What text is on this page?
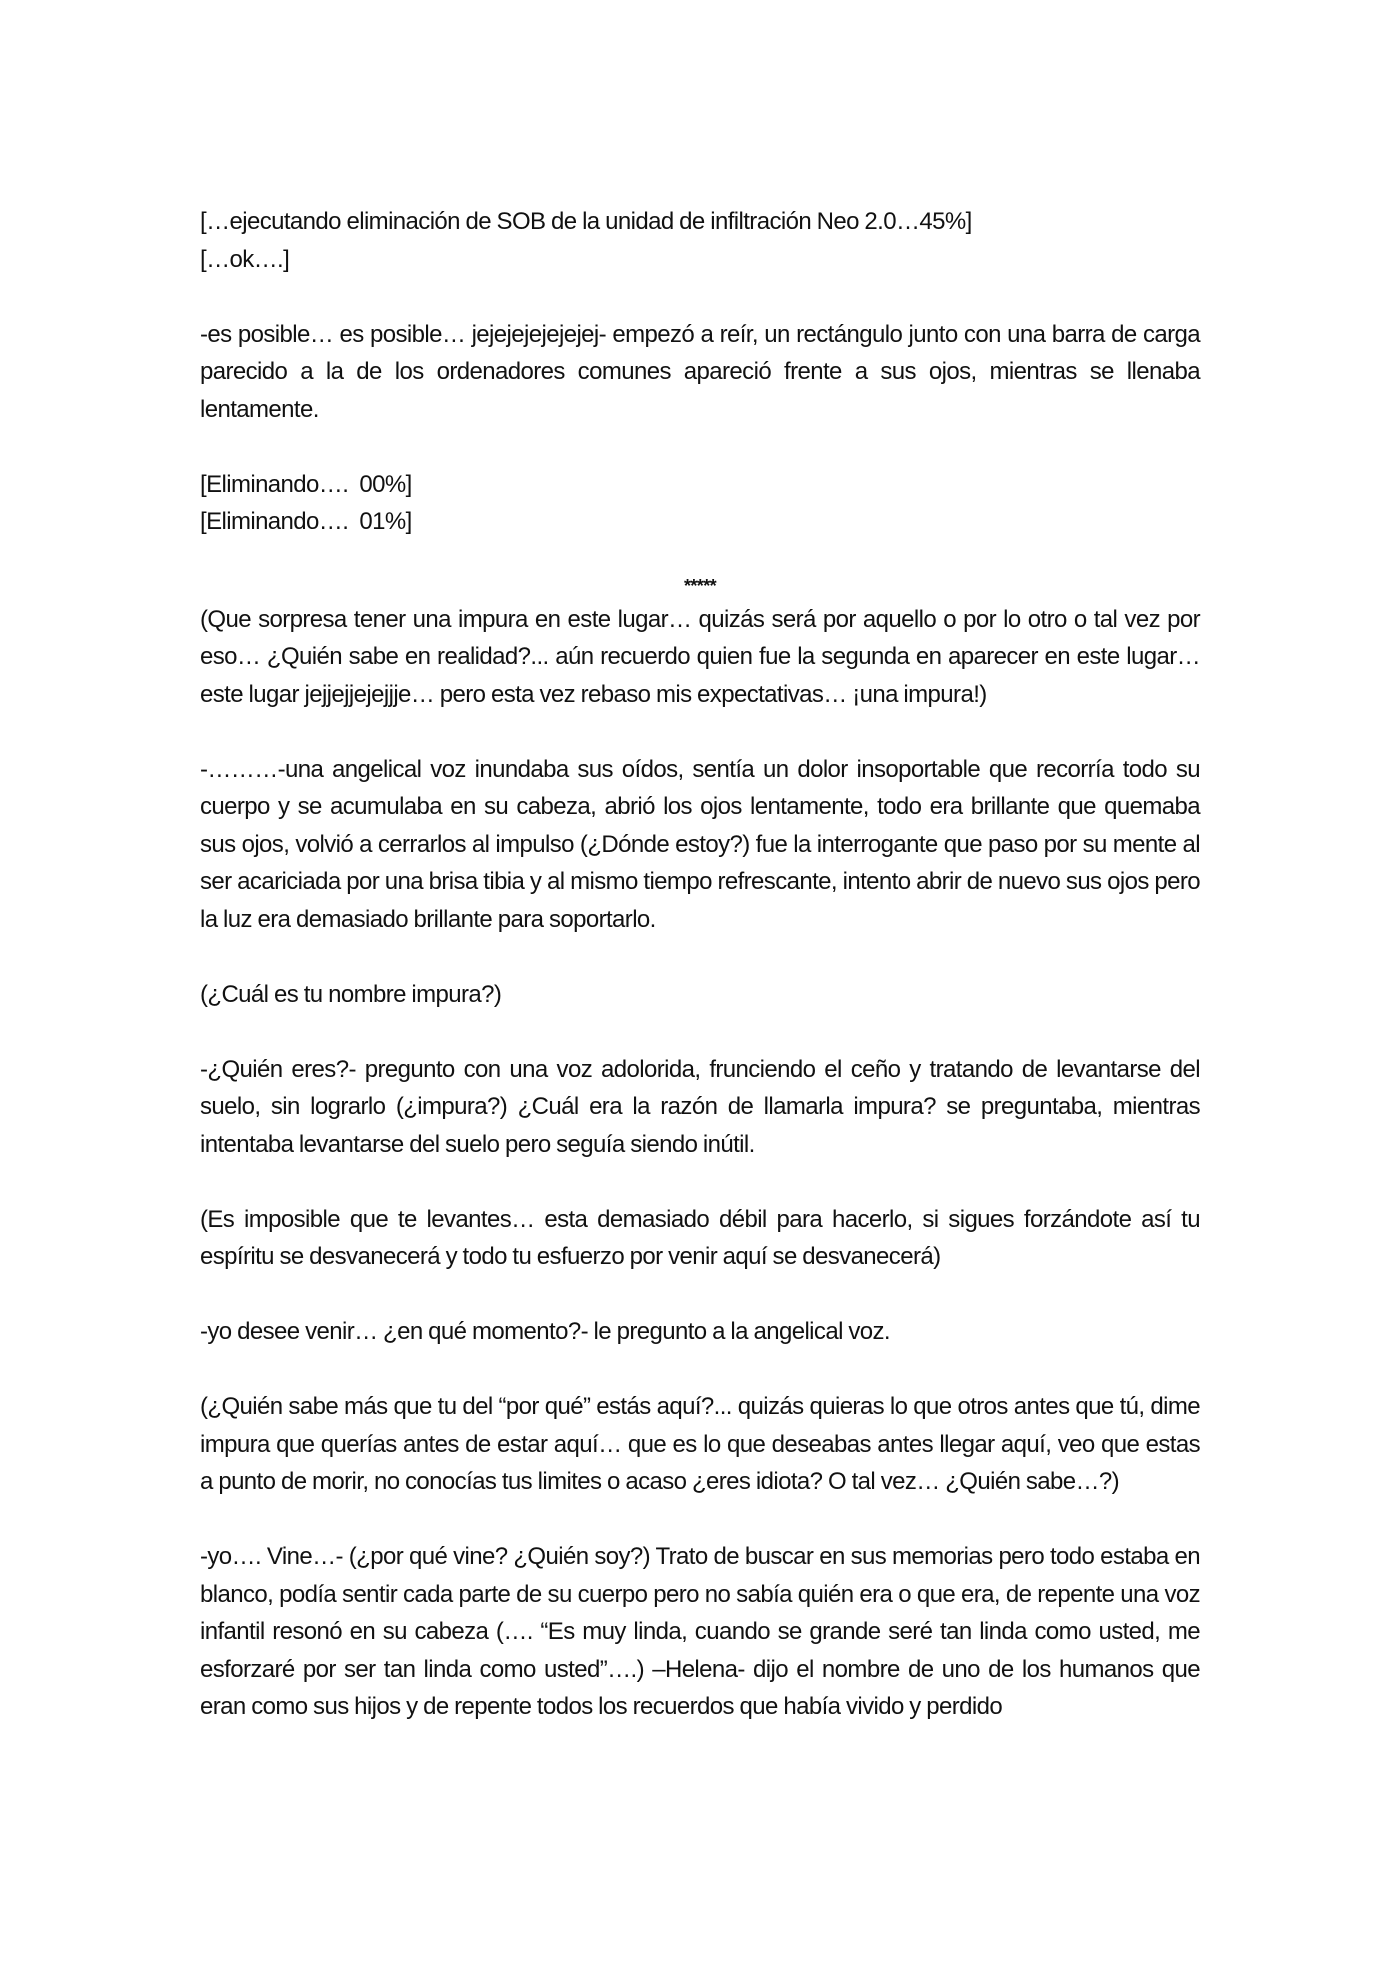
[…ejecutando eliminación de SOB de la unidad de infiltración Neo 2.0…45%]

[…ok….]

-es posible… es posible… jejejejejejejej- empezó a reír, un rectángulo junto con una barra de carga parecido a la de los ordenadores comunes apareció frente a sus ojos, mientras se llenaba lentamente.

[Eliminando….  00%]

[Eliminando….  01%]

*****

(Que sorpresa tener una impura en este lugar… quizás será por aquello o por lo otro o tal vez por eso… ¿Quién sabe en realidad?... aún recuerdo quien fue la segunda en aparecer en este lugar… este lugar jejjejjejejjje… pero esta vez rebaso mis expectativas… ¡una impura!)

-………-una angelical voz inundaba sus oídos, sentía un dolor insoportable que recorría todo su cuerpo y se acumulaba en su cabeza, abrió los ojos lentamente, todo era brillante que quemaba sus ojos, volvió a cerrarlos al impulso (¿Dónde estoy?) fue la interrogante que paso por su mente al ser acariciada por una brisa tibia y al mismo tiempo refrescante, intento abrir de nuevo sus ojos pero la luz era demasiado brillante para soportarlo.

(¿Cuál es tu nombre impura?)

-¿Quién eres?- pregunto con una voz adolorida, frunciendo el ceño y tratando de levantarse del suelo, sin lograrlo (¿impura?) ¿Cuál era la razón de llamarla impura? se preguntaba, mientras intentaba levantarse del suelo pero seguía siendo inútil.

(Es imposible que te levantes… esta demasiado débil para hacerlo, si sigues forzándote así tu espíritu se desvanecerá y todo tu esfuerzo por venir aquí se desvanecerá)

-yo desee venir… ¿en qué momento?- le pregunto a la angelical voz.

(¿Quién sabe más que tu del “por qué” estás aquí?... quizás quieras lo que otros antes que tú, dime impura que querías antes de estar aquí… que es lo que deseabas antes llegar aquí, veo que estas a punto de morir, no conocías tus limites o acaso ¿eres idiota? O tal vez… ¿Quién sabe…?)

-yo…. Vine…- (¿por qué vine? ¿Quién soy?) Trato de buscar en sus memorias pero todo estaba en blanco, podía sentir cada parte de su cuerpo pero no sabía quién era o que era, de repente una voz infantil resonó en su cabeza (…. “Es muy linda, cuando se grande seré tan linda como usted, me esforzaré por ser tan linda como usted”….) –Helena- dijo el nombre de uno de los humanos que eran como sus hijos y de repente todos los recuerdos que había vivido y perdido
